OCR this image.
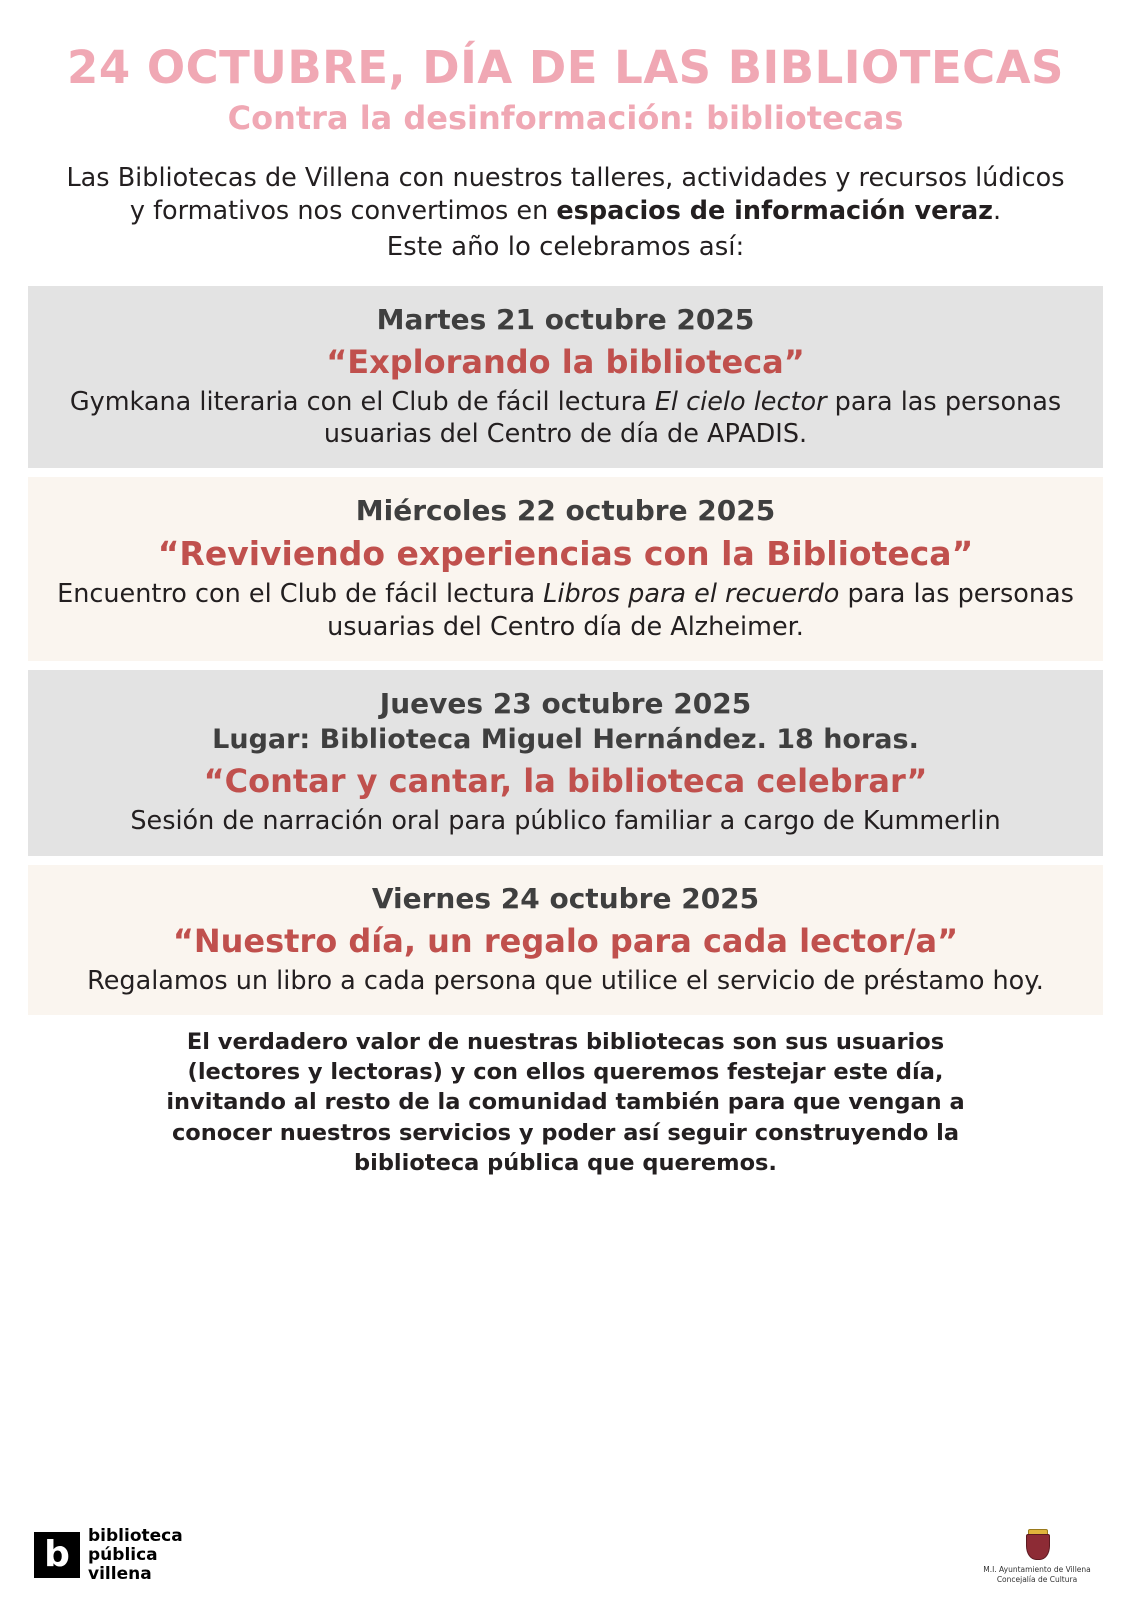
24 OCTUBRE, DÍA DE LAS BIBLIOTECAS
Contra la desinformación: bibliotecas
Las Bibliotecas de Villena con nuestros talleres, actividades y recursos lúdicos y formativos nos convertimos en espacios de información veraz.
Este año lo celebramos así:
Martes 21 octubre 2025
“Explorando la biblioteca”
Gymkana literaria con el Club de fácil lectura El cielo lector para las personas usuarias del Centro de día de APADIS.
Miércoles 22 octubre 2025
“Reviviendo experiencias con la Biblioteca”
Encuentro con el Club de fácil lectura Libros para el recuerdo para las personas usuarias del Centro día de Alzheimer.
Jueves 23 octubre 2025
Lugar: Biblioteca Miguel Hernández. 18 horas.
“Contar y cantar, la biblioteca celebrar”
Sesión de narración oral para público familiar a cargo de Kummerlin
Viernes 24 octubre 2025
“Nuestro día, un regalo para cada lector/a”
Regalamos un libro a cada persona que utilice el servicio de préstamo hoy.
El verdadero valor de nuestras bibliotecas son sus usuarios (lectores y lectoras) y con ellos queremos festejar este día, invitando al resto de la comunidad también para que vengan a conocer nuestros servicios y poder así seguir construyendo la biblioteca pública que queremos.
b	biblioteca
pública
villena	M.I. Ayuntamiento de Villena
Concejalía de Cultura
